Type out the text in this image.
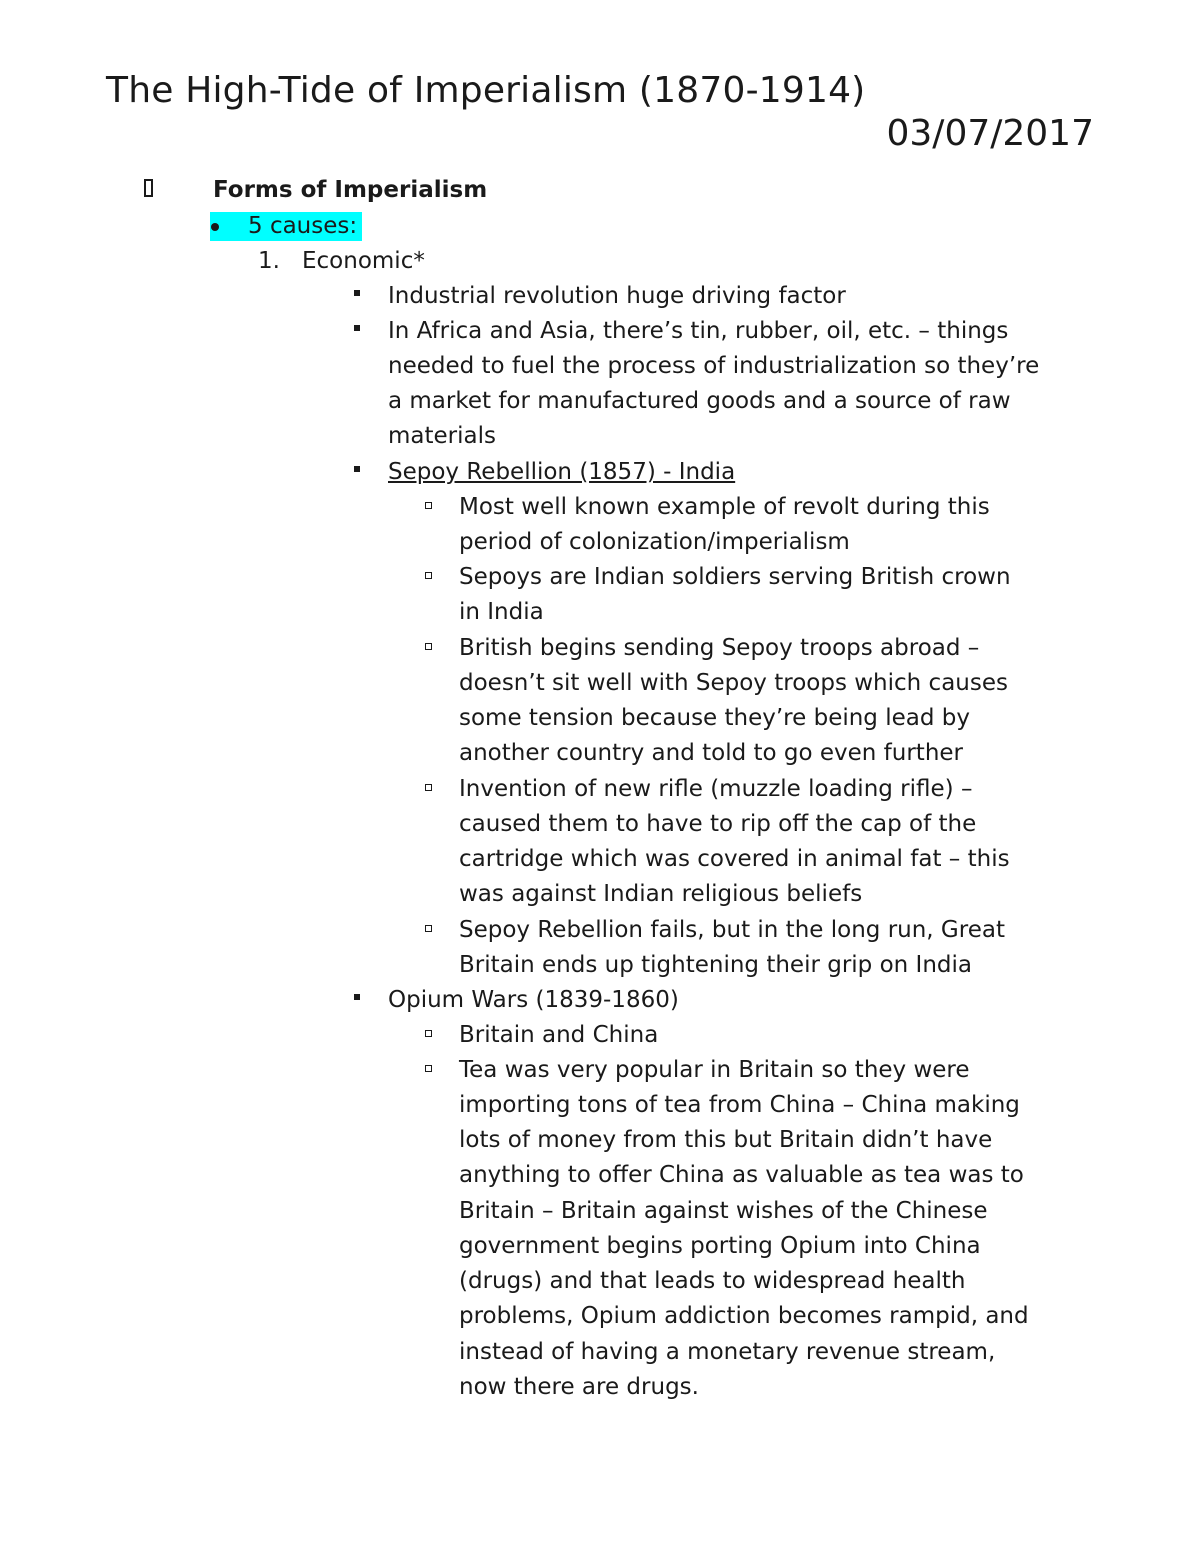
The High-Tide of Imperialism (1870-1914)
03/07/2017
Forms of Imperialism
5 causes:
1. Economic*
Industrial revolution huge driving factor
In Africa and Asia, there’s tin, rubber, oil, etc. – things
needed to fuel the process of industrialization so they’re
a market for manufactured goods and a source of raw
materials
Sepoy Rebellion (1857) - India
Most well known example of revolt during this
period of colonization/imperialism
Sepoys are Indian soldiers serving British crown
in India
British begins sending Sepoy troops abroad –
doesn’t sit well with Sepoy troops which causes
some tension because they’re being lead by
another country and told to go even further
Invention of new rifle (muzzle loading rifle) –
caused them to have to rip off the cap of the
cartridge which was covered in animal fat – this
was against Indian religious beliefs
Sepoy Rebellion fails, but in the long run, Great
Britain ends up tightening their grip on India
Opium Wars (1839-1860)
Britain and China
Tea was very popular in Britain so they were
importing tons of tea from China – China making
lots of money from this but Britain didn’t have
anything to offer China as valuable as tea was to
Britain – Britain against wishes of the Chinese
government begins porting Opium into China
(drugs) and that leads to widespread health
problems, Opium addiction becomes rampid, and
instead of having a monetary revenue stream,
now there are drugs.
